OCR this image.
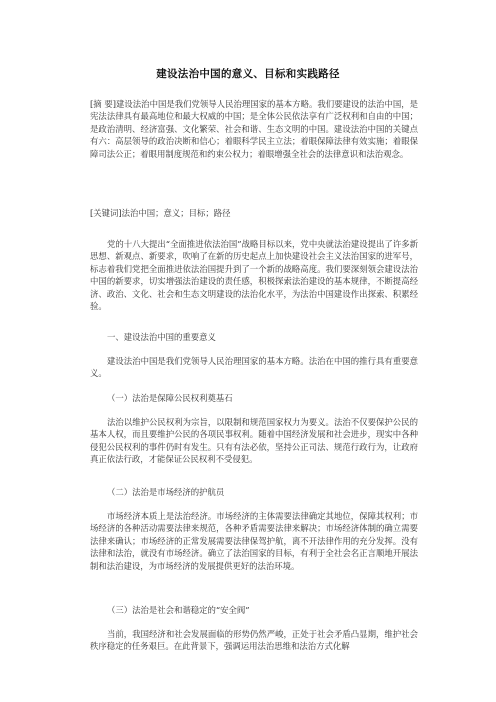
建设法治中国的意义、目标和实践路径
[摘 要]建设法治中国是我们党领导人民治理国家的基本方略。我们要建设的法治中国，是宪法法律具有最高地位和最大权威的中国；是全体公民依法享有广泛权利和自由的中国；是政治清明、经济富强、文化繁荣、社会和谐、生态文明的中国。建设法治中国的关键点有六：高层领导的政治决断和信心；着眼科学民主立法；着眼保障法律有效实施；着眼保障司法公正；着眼用制度规范和约束公权力；着眼增强全社会的法律意识和法治观念。
[关键词]法治中国；意义；目标；路径
党的十八大提出“全面推进依法治国”战略目标以来，党中央就法治建设提出了许多新思想、新观点、新要求，吹响了在新的历史起点上加快建设社会主义法治国家的进军号，标志着我们党把全面推进依法治国提升到了一个新的战略高度。我们要深刻领会建设法治中国的新要求，切实增强法治建设的责任感，积极探索法治建设的基本规律，不断提高经济、政治、文化、社会和生态文明建设的法治化水平，为法治中国建设作出探索、积累经验。
一、建设法治中国的重要意义
建设法治中国是我们党领导人民治理国家的基本方略。法治在中国的推行具有重要意义。
（一）法治是保障公民权利奠基石
法治以维护公民权利为宗旨，以限制和规范国家权力为要义。法治不仅要保护公民的基本人权，而且要维护公民的各项民事权利。随着中国经济发展和社会进步，现实中各种侵犯公民权利的事件仍时有发生。只有有法必依，坚持公正司法、规范行政行为，让政府真正依法行政，才能保证公民权利不受侵犯。
（二）法治是市场经济的护航员
市场经济本质上是法治经济。市场经济的主体需要法律确定其地位，保障其权利；市场经济的各种活动需要法律来规范，各种矛盾需要法律来解决；市场经济体制的确立需要法律来确认；市场经济的正常发展需要法律保驾护航，离不开法律作用的充分发挥。没有法律和法治，就没有市场经济。确立了法治国家的目标，有利于全社会名正言顺地开展法制和法治建设，为市场经济的发展提供更好的法治环境。
（三）法治是社会和谐稳定的“安全阀”
当前，我国经济和社会发展面临的形势仍然严峻，正处于社会矛盾凸显期，维护社会秩序稳定的任务艰巨。在此背景下，强调运用法治思维和法治方式化解
